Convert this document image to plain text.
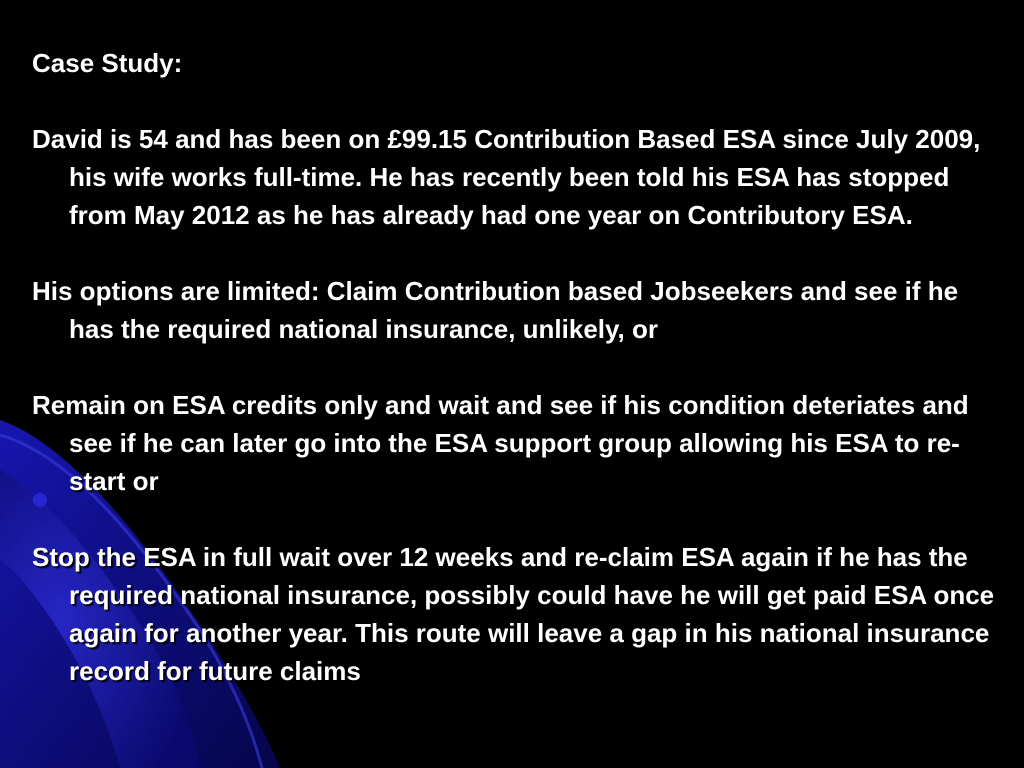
Case Study:

David is 54 and has been on £99.15 Contribution Based ESA since July 2009, his wife works full-time. He has recently been told his ESA has stopped from May 2012 as he has already had one year on Contributory ESA.

His options are limited: Claim Contribution based Jobseekers and see if he has the required national insurance, unlikely, or

Remain on ESA credits only and wait and see if his condition deteriates and see if he can later go into the ESA support group allowing his ESA to re-start or

Stop the ESA in full wait over 12 weeks and re-claim ESA again if he has the required national insurance, possibly could have he will get paid ESA once again for another year. This route will leave a gap in his national insurance record for future claims
